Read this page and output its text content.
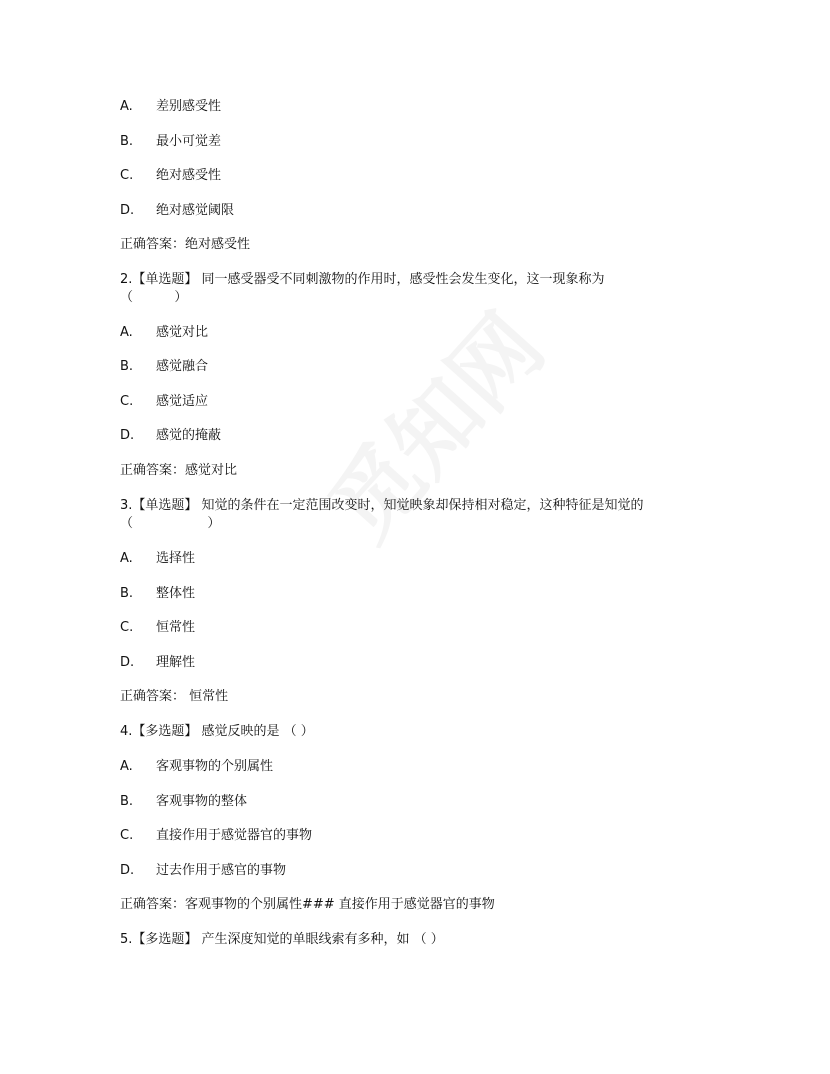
A. 差别感受性
B. 最小可觉差
C. 绝对感受性
D. 绝对感觉阈限
正确答案：绝对感受性
2.【单选题】 同一感受器受不同刺激物的作用时，感受性会发生变化，这一现象称为
（          ）
A. 感觉对比
B. 感觉融合
C. 感觉适应
D. 感觉的掩蔽
正确答案：感觉对比
3.【单选题】 知觉的条件在一定范围改变时，知觉映象却保持相对稳定，这种特征是知觉的
（                  ）
A. 选择性
B. 整体性
C. 恒常性
D. 理解性
正确答案： 恒常性
4.【多选题】 感觉反映的是 （ ）
A. 客观事物的个别属性
B. 客观事物的整体
C. 直接作用于感觉器官的事物
D. 过去作用于感官的事物
正确答案：客观事物的个别属性### 直接作用于感觉器官的事物
5.【多选题】 产生深度知觉的单眼线索有多种，如 （ ）
